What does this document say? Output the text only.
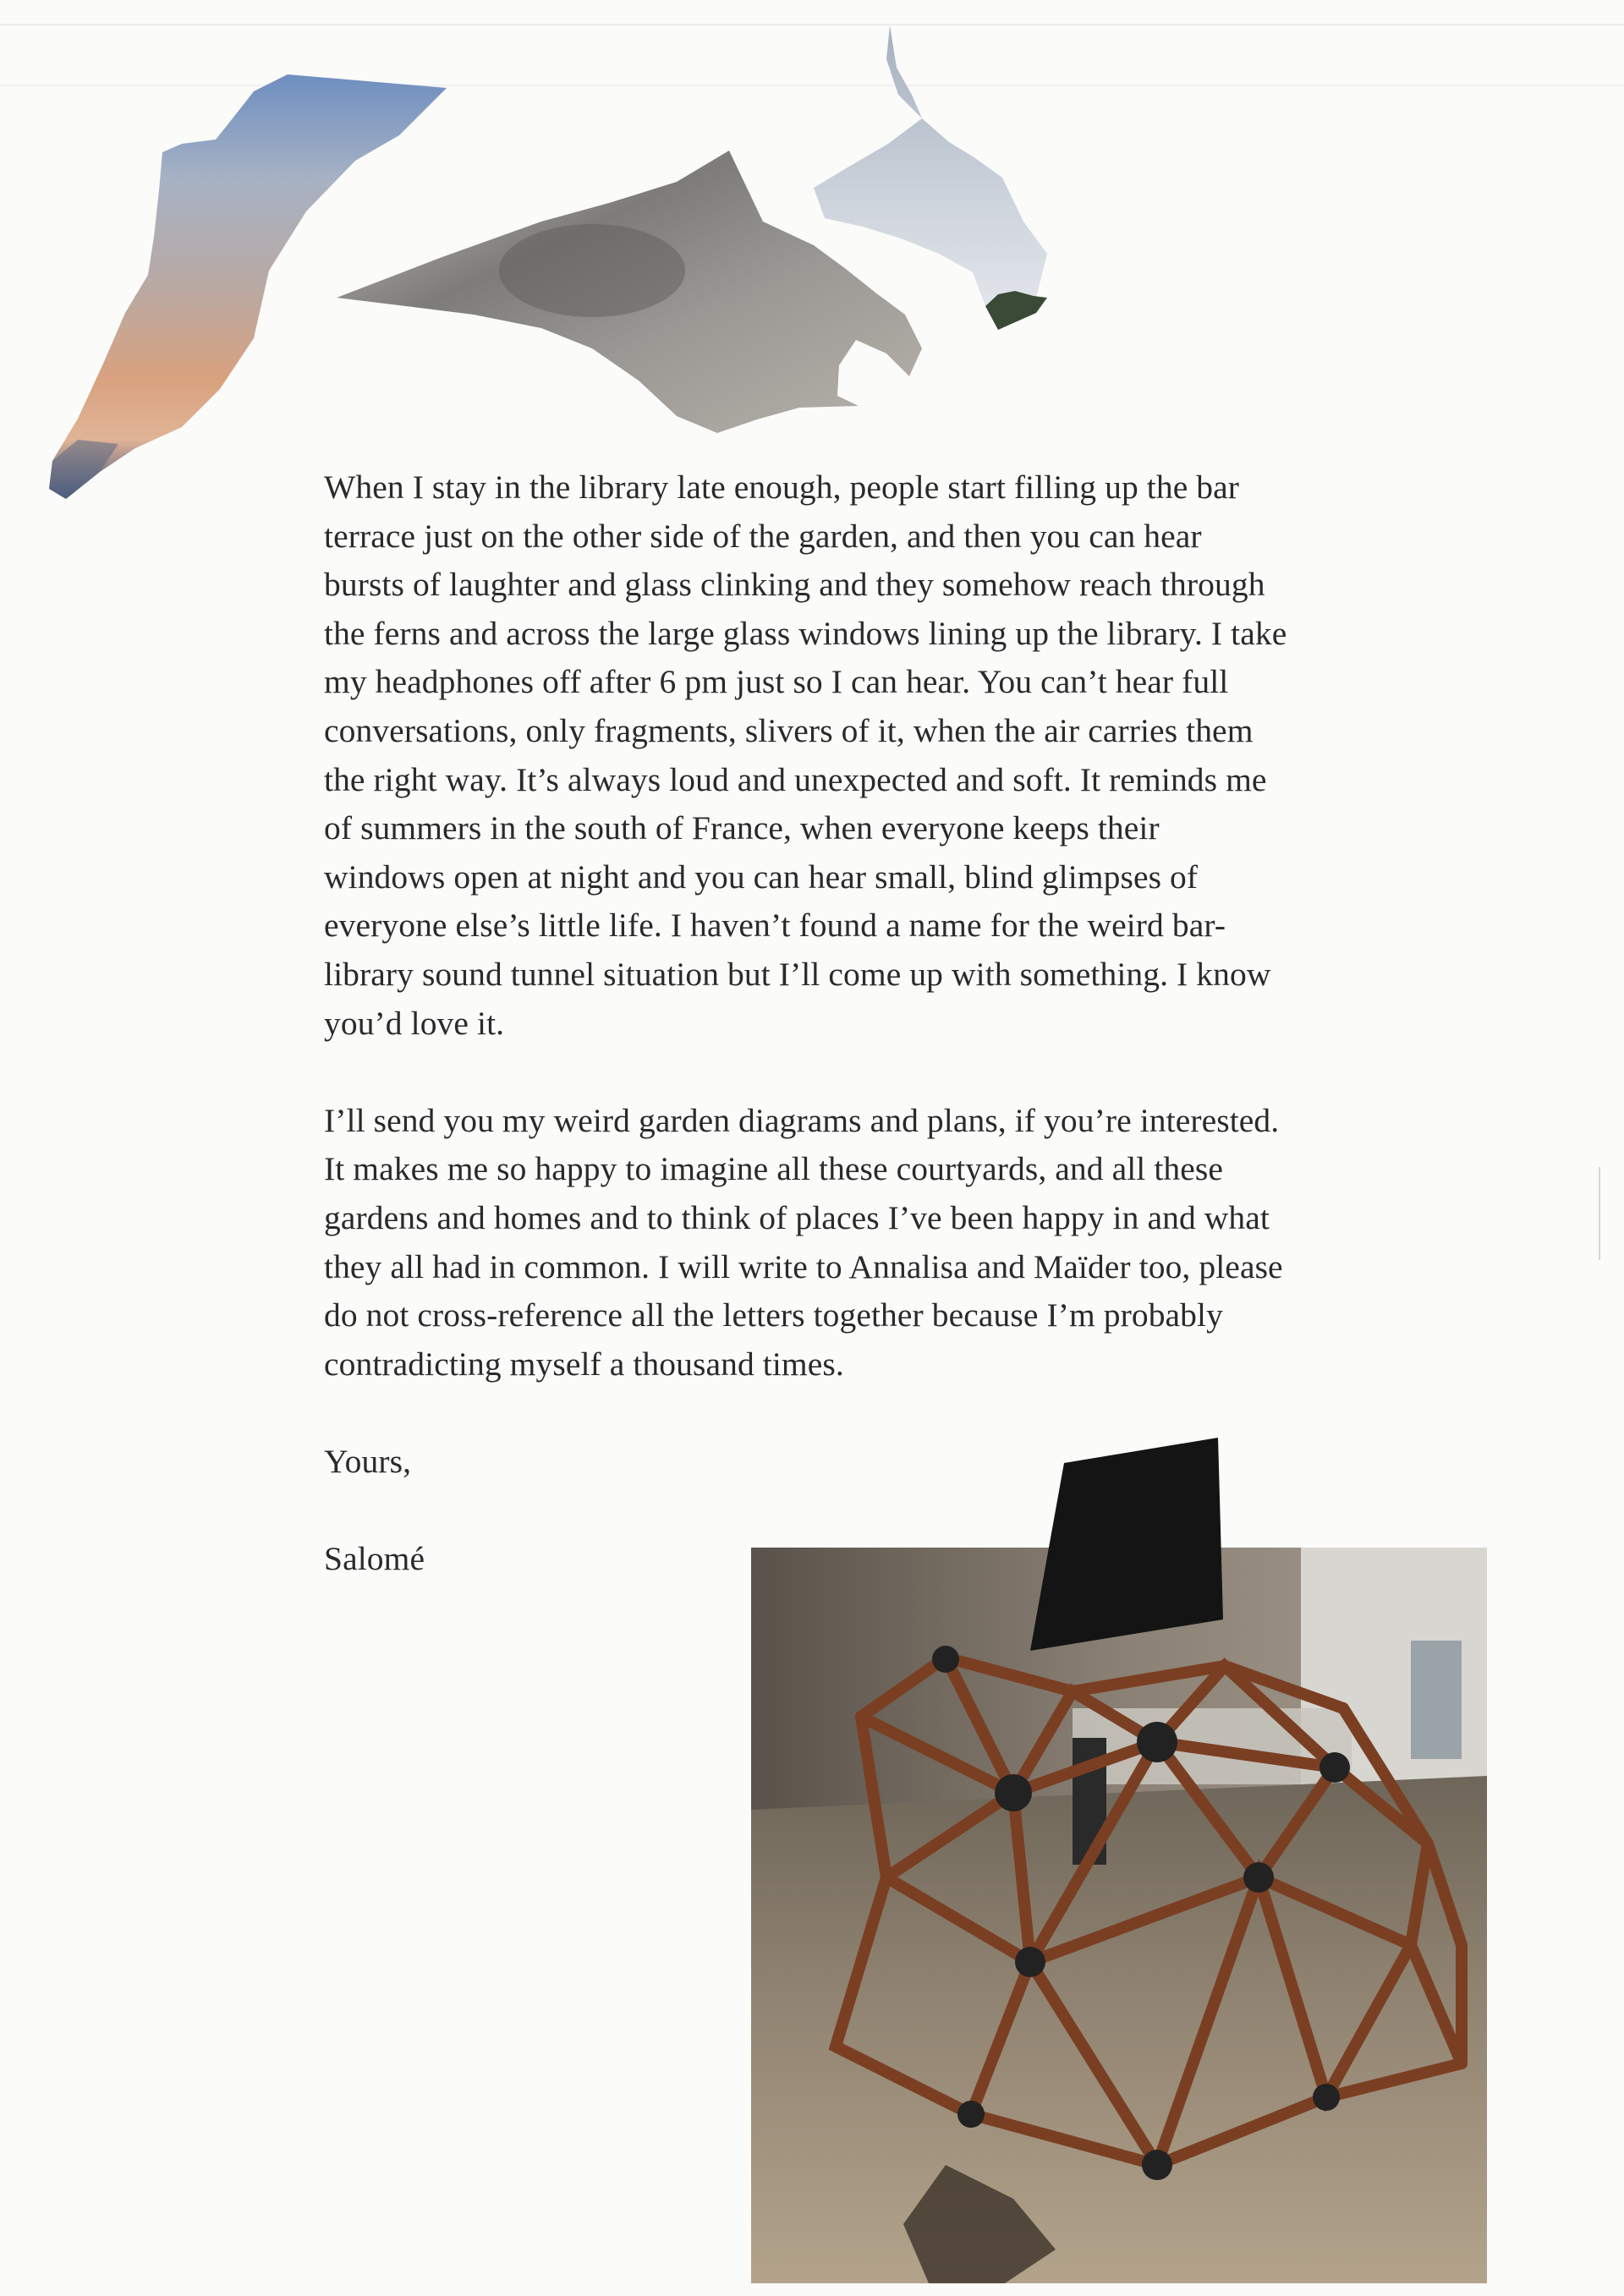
When I stay in the library late enough, people start filling up the bar terrace just on the other side of the garden, and then you can hear bursts of laughter and glass clinking and they somehow reach through the ferns and across the large glass windows lining up the library. I take my headphones off after 6 pm just so I can hear. You can’t hear full conversations, only fragments, slivers of it, when the air carries them the right way. It’s always loud and unexpected and soft. It reminds me of summers in the south of France, when everyone keeps their windows open at night and you can hear small, blind glimpses of everyone else’s little life. I haven’t found a name for the weird bar-library sound tunnel situation but I’ll come up with something. I know you’d love it.

I’ll send you my weird garden diagrams and plans, if you’re interested. It makes me so happy to imagine all these courtyards, and all these gardens and homes and to think of places I’ve been happy in and what they all had in common. I will write to Annalisa and Maïder too, please do not cross-reference all the letters together because I’m probably contradicting myself a thousand times.

Yours,
Salomé
